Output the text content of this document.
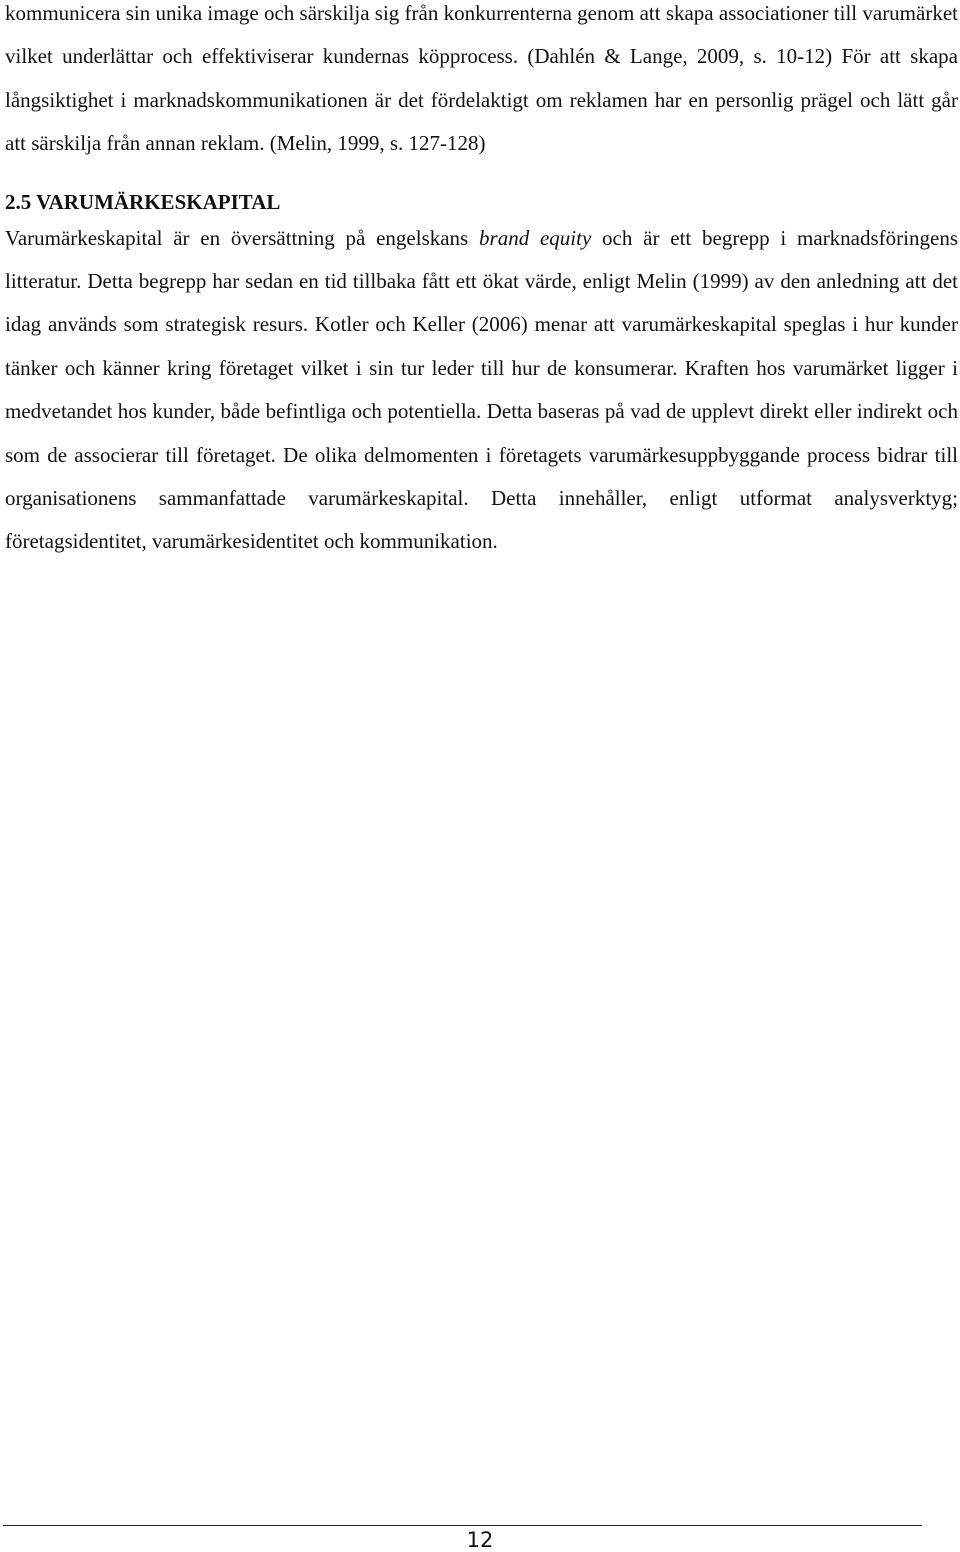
kommunicera sin unika image och särskilja sig från konkurrenterna genom att skapa associationer till varumärket vilket underlättar och effektiviserar kundernas köpprocess. (Dahlén & Lange, 2009, s. 10-12) För att skapa långsiktighet i marknadskommunikationen är det fördelaktigt om reklamen har en personlig prägel och lätt går att särskilja från annan reklam. (Melin, 1999, s. 127-128)

2.5 VARUMÄRKESKAPITAL

Varumärkeskapital är en översättning på engelskans brand equity och är ett begrepp i marknadsföringens litteratur. Detta begrepp har sedan en tid tillbaka fått ett ökat värde, enligt Melin (1999) av den anledning att det idag används som strategisk resurs. Kotler och Keller (2006) menar att varumärkeskapital speglas i hur kunder tänker och känner kring företaget vilket i sin tur leder till hur de konsumerar. Kraften hos varumärket ligger i medvetandet hos kunder, både befintliga och potentiella. Detta baseras på vad de upplevt direkt eller indirekt och som de associerar till företaget. De olika delmomenten i företagets varumärkesuppbyggande process bidrar till organisationens sammanfattade varumärkeskapital. Detta innehåller, enligt utformat analysverktyg; företagsidentitet, varumärkesidentitet och kommunikation.

12
